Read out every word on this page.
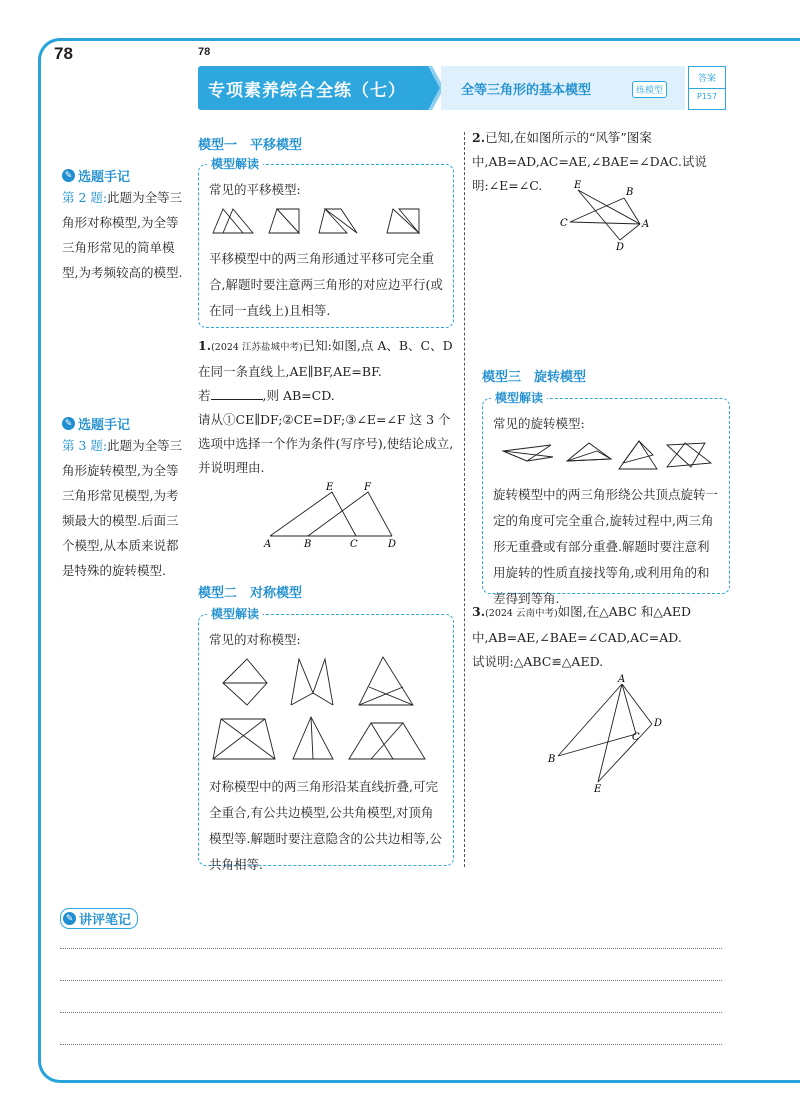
78	78
专项素养综合全练（七）	全等三角形的基本模型	练模型
答案
P157
✎ 选题手记
第 2 题:此题为全等三角形对称模型,为全等三角形常见的简单模型,为考频较高的模型.
✎ 选题手记
第 3 题:此题为全等三角形旋转模型,为全等三角形常见模型,为考频最大的模型.后面三个模型,从本质来说都是特殊的旋转模型.
模型一　平移模型
模型解读

常见的平移模型:

平移模型中的两三角形通过平移可完全重合,解题时要注意两三角形的对应边平行(或在同一直线上)且相等.

1.(2024 江苏盐城中考)已知:如图,点 A、B、C、D 在同一条直线上,AE∥BF,AE=BF.
若	,则 AB=CD.
请从①CE∥DF;②CE=DF;③∠E=∠F 这 3 个选项中选择一个作为条件(写序号),使结论成立,并说明理由.
A	B	C	D
E	F
模型二　对称模型
模型解读

常见的对称模型:

对称模型中的两三角形沿某直线折叠,可完全重合,有公共边模型,公共角模型,对顶角模型等.解题时要注意隐含的公共边相等,公共角相等.

2.已知,在如图所示的“风筝”图案中,AB=AD,AC=AE,∠BAE=∠DAC.试说明:∠E=∠C.	E
B
C	A
D
模型三　旋转模型
模型解读

常见的旋转模型:

旋转模型中的两三角形绕公共顶点旋转一定的角度可完全重合,旋转过程中,两三角形无重叠或有部分重叠.解题时要注意利用旋转的性质直接找等角,或利用角的和差得到等角.

3.(2024 云南中考)如图,在△ABC 和△AED 中,AB=AE,∠BAE=∠CAD,AC=AD.
试说明:△ABC≌△AED.
A
D
C
B
E
✎ 讲评笔记
